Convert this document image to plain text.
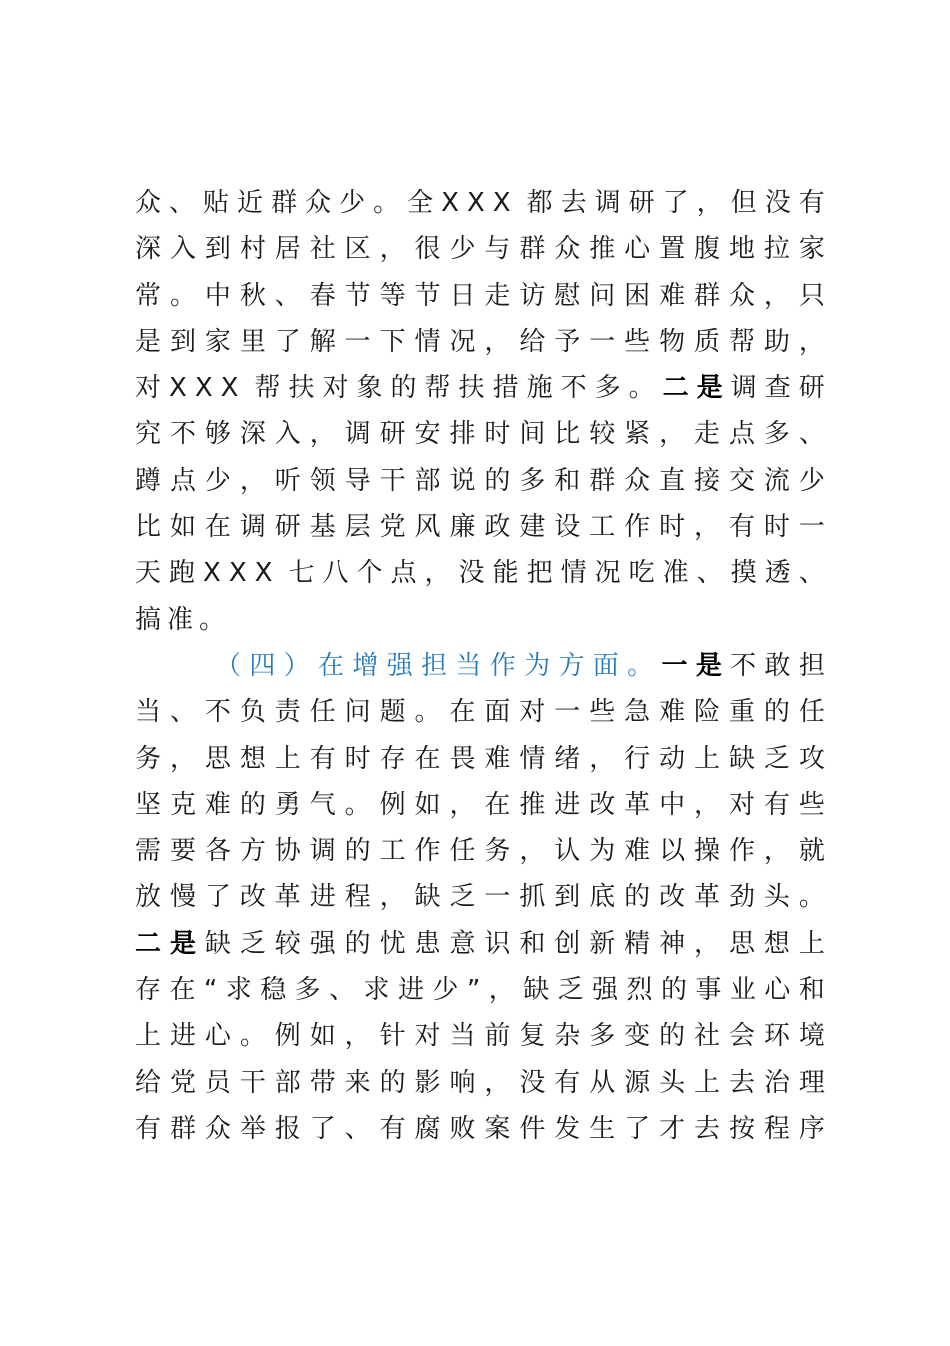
众 、 贴 近 群 众 少 。 全 X X X 都 去 调 研 了 ， 但 没 有
深 入 到 村 居 社 区 ， 很 少 与 群 众 推 心 置 腹 地 拉 家
常 。 中 秋 、 春 节 等 节 日 走 访 慰 问 困 难 群 众 ， 只
是 到 家 里 了 解 一 下 情 况 ， 给 予 一 些 物 质 帮 助 ，
对 X X X 帮 扶 对 象 的 帮 扶 措 施 不 多 。 二 是 调 查 研
究 不 够 深 入 ， 调 研 安 排 时 间 比 较 紧 ， 走 点 多 、
蹲 点 少 ， 听 领 导 干 部 说 的 多 和 群 众 直 接 交 流 少
比 如 在 调 研 基 层 党 风 廉 政 建 设 工 作 时 ， 有 时 一
天 跑 X X X 七 八 个 点 ， 没 能 把 情 况 吃 准 、 摸 透 、
搞 准 。
（ 四 ） 在 增 强 担 当 作 为 方 面 。 一 是 不 敢 担
当 、 不 负 责 任 问 题 。 在 面 对 一 些 急 难 险 重 的 任
务 ， 思 想 上 有 时 存 在 畏 难 情 绪 ， 行 动 上 缺 乏 攻
坚 克 难 的 勇 气 。 例 如 ， 在 推 进 改 革 中 ， 对 有 些
需 要 各 方 协 调 的 工 作 任 务 ， 认 为 难 以 操 作 ， 就
放 慢 了 改 革 进 程 ， 缺 乏 一 抓 到 底 的 改 革 劲 头 。
二 是 缺 乏 较 强 的 忧 患 意 识 和 创 新 精 神 ， 思 想 上
存 在 “ 求 稳 多 、 求 进 少 ” ， 缺 乏 强 烈 的 事 业 心 和
上 进 心 。 例 如 ， 针 对 当 前 复 杂 多 变 的 社 会 环 境
给 党 员 干 部 带 来 的 影 响 ， 没 有 从 源 头 上 去 治 理
有 群 众 举 报 了 、 有 腐 败 案 件 发 生 了 才 去 按 程 序
